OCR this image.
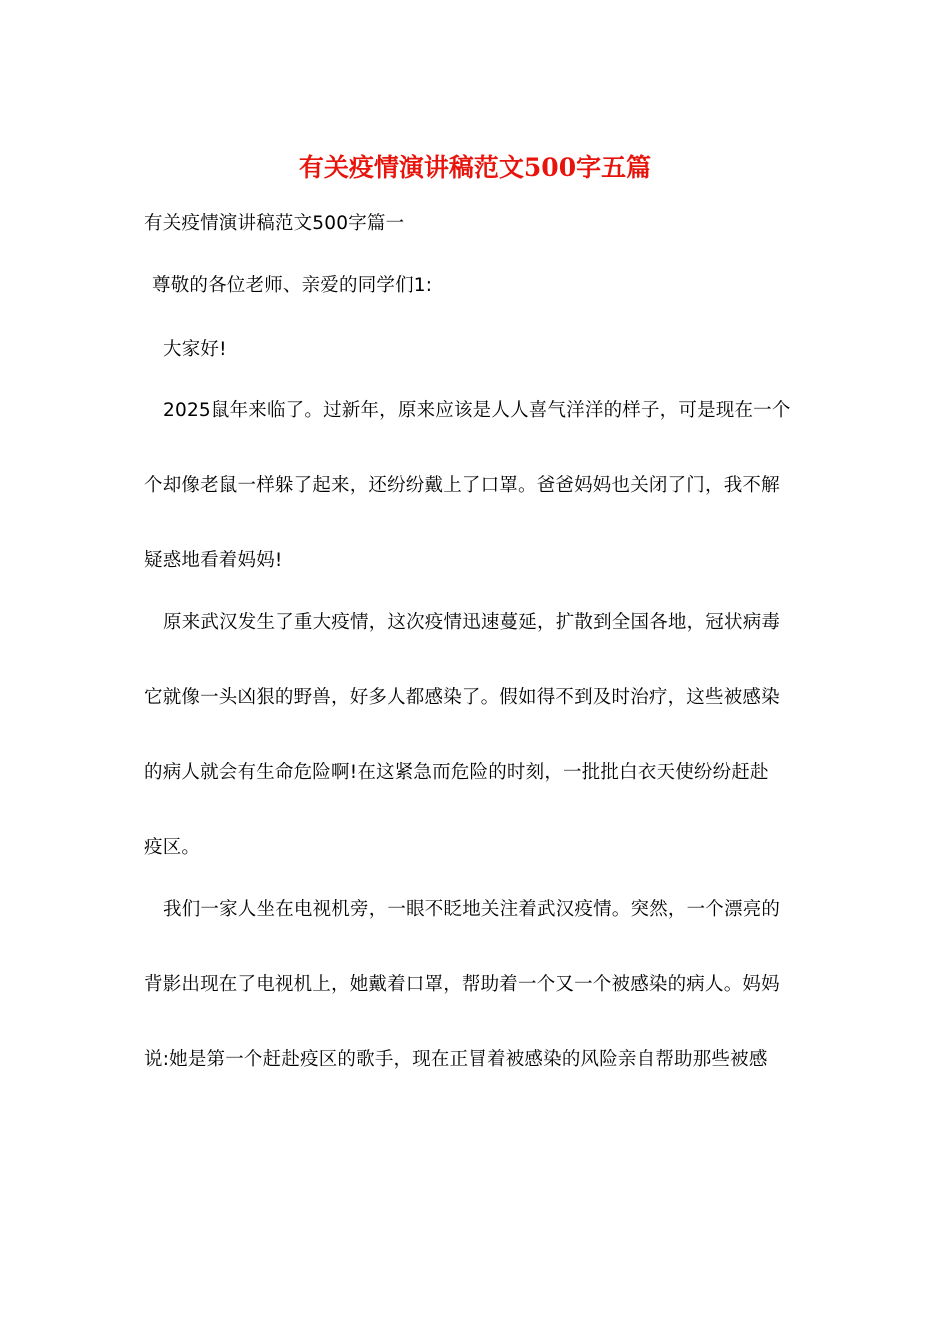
有关疫情演讲稿范文500字五篇

有关疫情演讲稿范文500字篇一

尊敬的各位老师、亲爱的同学们1:

大家好!

2025鼠年来临了。过新年，原来应该是人人喜气洋洋的样子，可是现在一个

个却像老鼠一样躲了起来，还纷纷戴上了口罩。爸爸妈妈也关闭了门，我不解

疑惑地看着妈妈!

原来武汉发生了重大疫情，这次疫情迅速蔓延，扩散到全国各地，冠状病毒

它就像一头凶狠的野兽，好多人都感染了。假如得不到及时治疗，这些被感染

的病人就会有生命危险啊!在这紧急而危险的时刻，一批批白衣天使纷纷赶赴

疫区。

我们一家人坐在电视机旁，一眼不眨地关注着武汉疫情。突然，一个漂亮的

背影出现在了电视机上，她戴着口罩，帮助着一个又一个被感染的病人。妈妈

说:她是第一个赶赴疫区的歌手，现在正冒着被感染的风险亲自帮助那些被感
